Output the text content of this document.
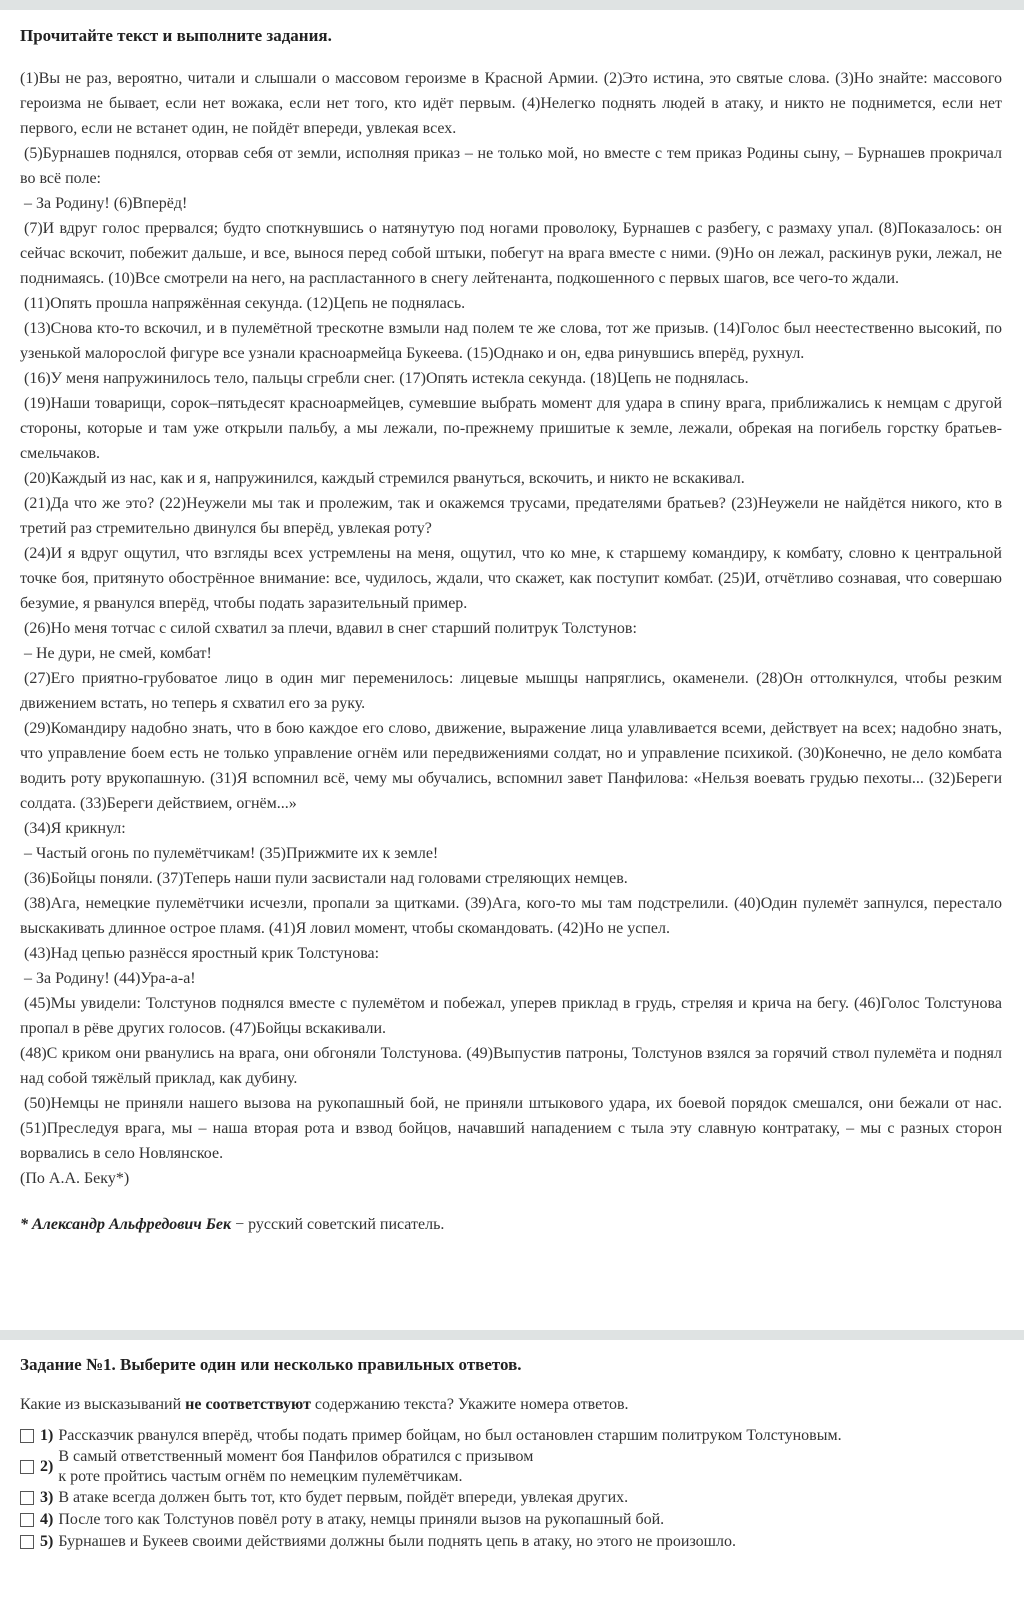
Прочитайте текст и выполните задания.

(1)Вы не раз, вероятно, читали и слышали о массовом героизме в Красной Армии. (2)Это истина, это святые слова. (3)Но знайте: массового героизма не бывает, если нет вожака, если нет того, кто идёт первым. (4)Нелегко поднять людей в атаку, и никто не поднимется, если нет первого, если не встанет один, не пойдёт впереди, увлекая всех.

(5)Бурнашев поднялся, оторвав себя от земли, исполняя приказ – не только мой, но вместе с тем приказ Родины сыну, – Бурнашев прокричал во всё поле:

– За Родину! (6)Вперёд!

(7)И вдруг голос прервался; будто споткнувшись о натянутую под ногами проволоку, Бурнашев с разбегу, с размаху упал. (8)Показалось: он сейчас вскочит, побежит дальше, и все, вынося перед собой штыки, побегут на врага вместе с ними. (9)Но он лежал, раскинув руки, лежал, не поднимаясь. (10)Все смотрели на него, на распластанного в снегу лейтенанта, подкошенного с первых шагов, все чего-то ждали.

(11)Опять прошла напряжённая секунда. (12)Цепь не поднялась.

(13)Снова кто-то вскочил, и в пулемётной трескотне взмыли над полем те же слова, тот же призыв. (14)Голос был неестественно высокий, по узенькой малорослой фигуре все узнали красноармейца Букеева. (15)Однако и он, едва ринувшись вперёд, рухнул.

(16)У меня напружинилось тело, пальцы сгребли снег. (17)Опять истекла секунда. (18)Цепь не поднялась.

(19)Наши товарищи, сорок–пятьдесят красноармейцев, сумевшие выбрать момент для удара в спину врага, приближались к немцам с другой стороны, которые и там уже открыли пальбу, а мы лежали, по-прежнему пришитые к земле, лежали, обрекая на погибель горстку братьев-смельчаков.

(20)Каждый из нас, как и я, напружинился, каждый стремился рвануться, вскочить, и никто не вскакивал.

(21)Да что же это? (22)Неужели мы так и пролежим, так и окажемся трусами, предателями братьев? (23)Неужели не найдётся никого, кто в третий раз стремительно двинулся бы вперёд, увлекая роту?

(24)И я вдруг ощутил, что взгляды всех устремлены на меня, ощутил, что ко мне, к старшему командиру, к комбату, словно к центральной точке боя, притянуто обострённое внимание: все, чудилось, ждали, что скажет, как поступит комбат. (25)И, отчётливо сознавая, что совершаю безумие, я рванулся вперёд, чтобы подать заразительный пример.

(26)Но меня тотчас с силой схватил за плечи, вдавил в снег старший политрук Толстунов:

– Не дури, не смей, комбат!

(27)Его приятно-грубоватое лицо в один миг переменилось: лицевые мышцы напряглись, окаменели. (28)Он оттолкнулся, чтобы резким движением встать, но теперь я схватил его за руку.

(29)Командиру надобно знать, что в бою каждое его слово, движение, выражение лица улавливается всеми, действует на всех; надобно знать, что управление боем есть не только управление огнём или передвижениями солдат, но и управление психикой. (30)Конечно, не дело комбата водить роту врукопашную. (31)Я вспомнил всё, чему мы обучались, вспомнил завет Панфилова: «Нельзя воевать грудью пехоты... (32)Береги солдата. (33)Береги действием, огнём...»

(34)Я крикнул:

– Частый огонь по пулемётчикам! (35)Прижмите их к земле!

(36)Бойцы поняли. (37)Теперь наши пули засвистали над головами стреляющих немцев.

(38)Ага, немецкие пулемётчики исчезли, пропали за щитками. (39)Ага, кого-то мы там подстрелили. (40)Один пулемёт запнулся, перестало выскакивать длинное острое пламя. (41)Я ловил момент, чтобы скомандовать. (42)Но не успел.

(43)Над цепью разнёсся яростный крик Толстунова:

– За Родину! (44)Ура-а-а!

(45)Мы увидели: Толстунов поднялся вместе с пулемётом и побежал, уперев приклад в грудь, стреляя и крича на бегу. (46)Голос Толстунова пропал в рёве других голосов. (47)Бойцы вскакивали.

(48)С криком они рванулись на врага, они обгоняли Толстунова. (49)Выпустив патроны, Толстунов взялся за горячий ствол пулемёта и поднял над собой тяжёлый приклад, как дубину.

(50)Немцы не приняли нашего вызова на рукопашный бой, не приняли штыкового удара, их боевой порядок смешался, они бежали от нас. (51)Преследуя врага, мы – наша вторая рота и взвод бойцов, начавший нападением с тыла эту славную контратаку, – мы с разных сторон ворвались в село Новлянское.

(По А.А. Беку*)

* Александр Альфредович Бек − русский советский писатель.
Задание №1. Выберите один или несколько правильных ответов.
Какие из высказываний не соответствуют содержанию текста? Укажите номера ответов.
1) Рассказчик рванулся вперёд, чтобы подать пример бойцам, но был остановлен старшим политруком Толстуновым.
2)
В самый ответственный момент боя Панфилов обратился с призывом
к роте пройтись частым огнём по немецким пулемётчикам.
3) В атаке всегда должен быть тот, кто будет первым, пойдёт впереди, увлекая других.
4) После того как Толстунов повёл роту в атаку, немцы приняли вызов на рукопашный бой.
5) Бурнашев и Букеев своими действиями должны были поднять цепь в атаку, но этого не произошло.
